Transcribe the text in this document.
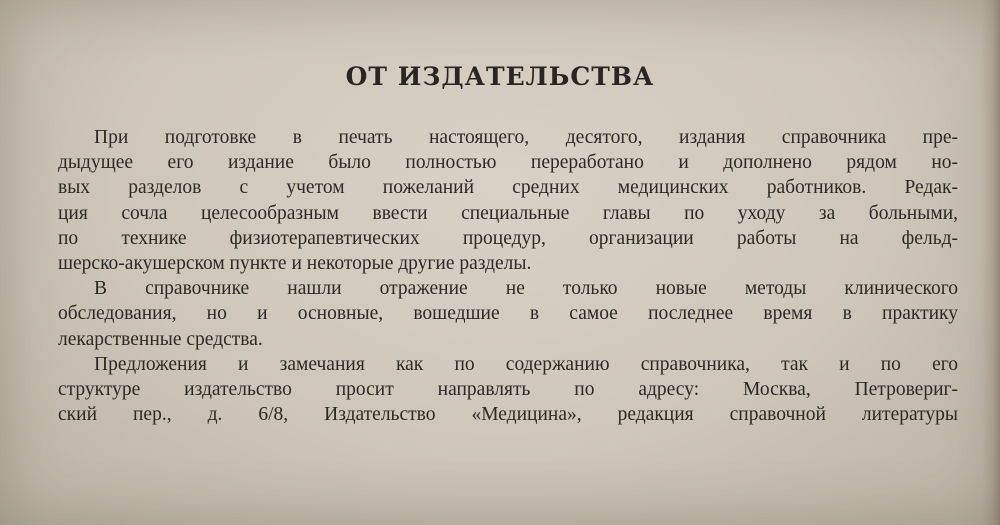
ОТ ИЗДАТЕЛЬСТВА

При подготовке в печать настоящего, десятого, издания справочника пре-
дыдущее его издание было полностью переработано и дополнено рядом но-
вых разделов с учетом пожеланий средних медицинских работников. Редак-
ция сочла целесообразным ввести специальные главы по уходу за больными,
по технике физиотерапевтических процедур, организации работы на фельд-
шерско-акушерском пункте и некоторые другие разделы.

В справочнике нашли отражение не только новые методы клинического
обследования, но и основные, вошедшие в самое последнее время в практику
лекарственные средства.

Предложения и замечания как по содержанию справочника, так и по его
структуре издательство просит направлять по адресу: Москва, Петровериг-
ский пер., д. 6/8, Издательство «Медицина», редакция справочной литературы
